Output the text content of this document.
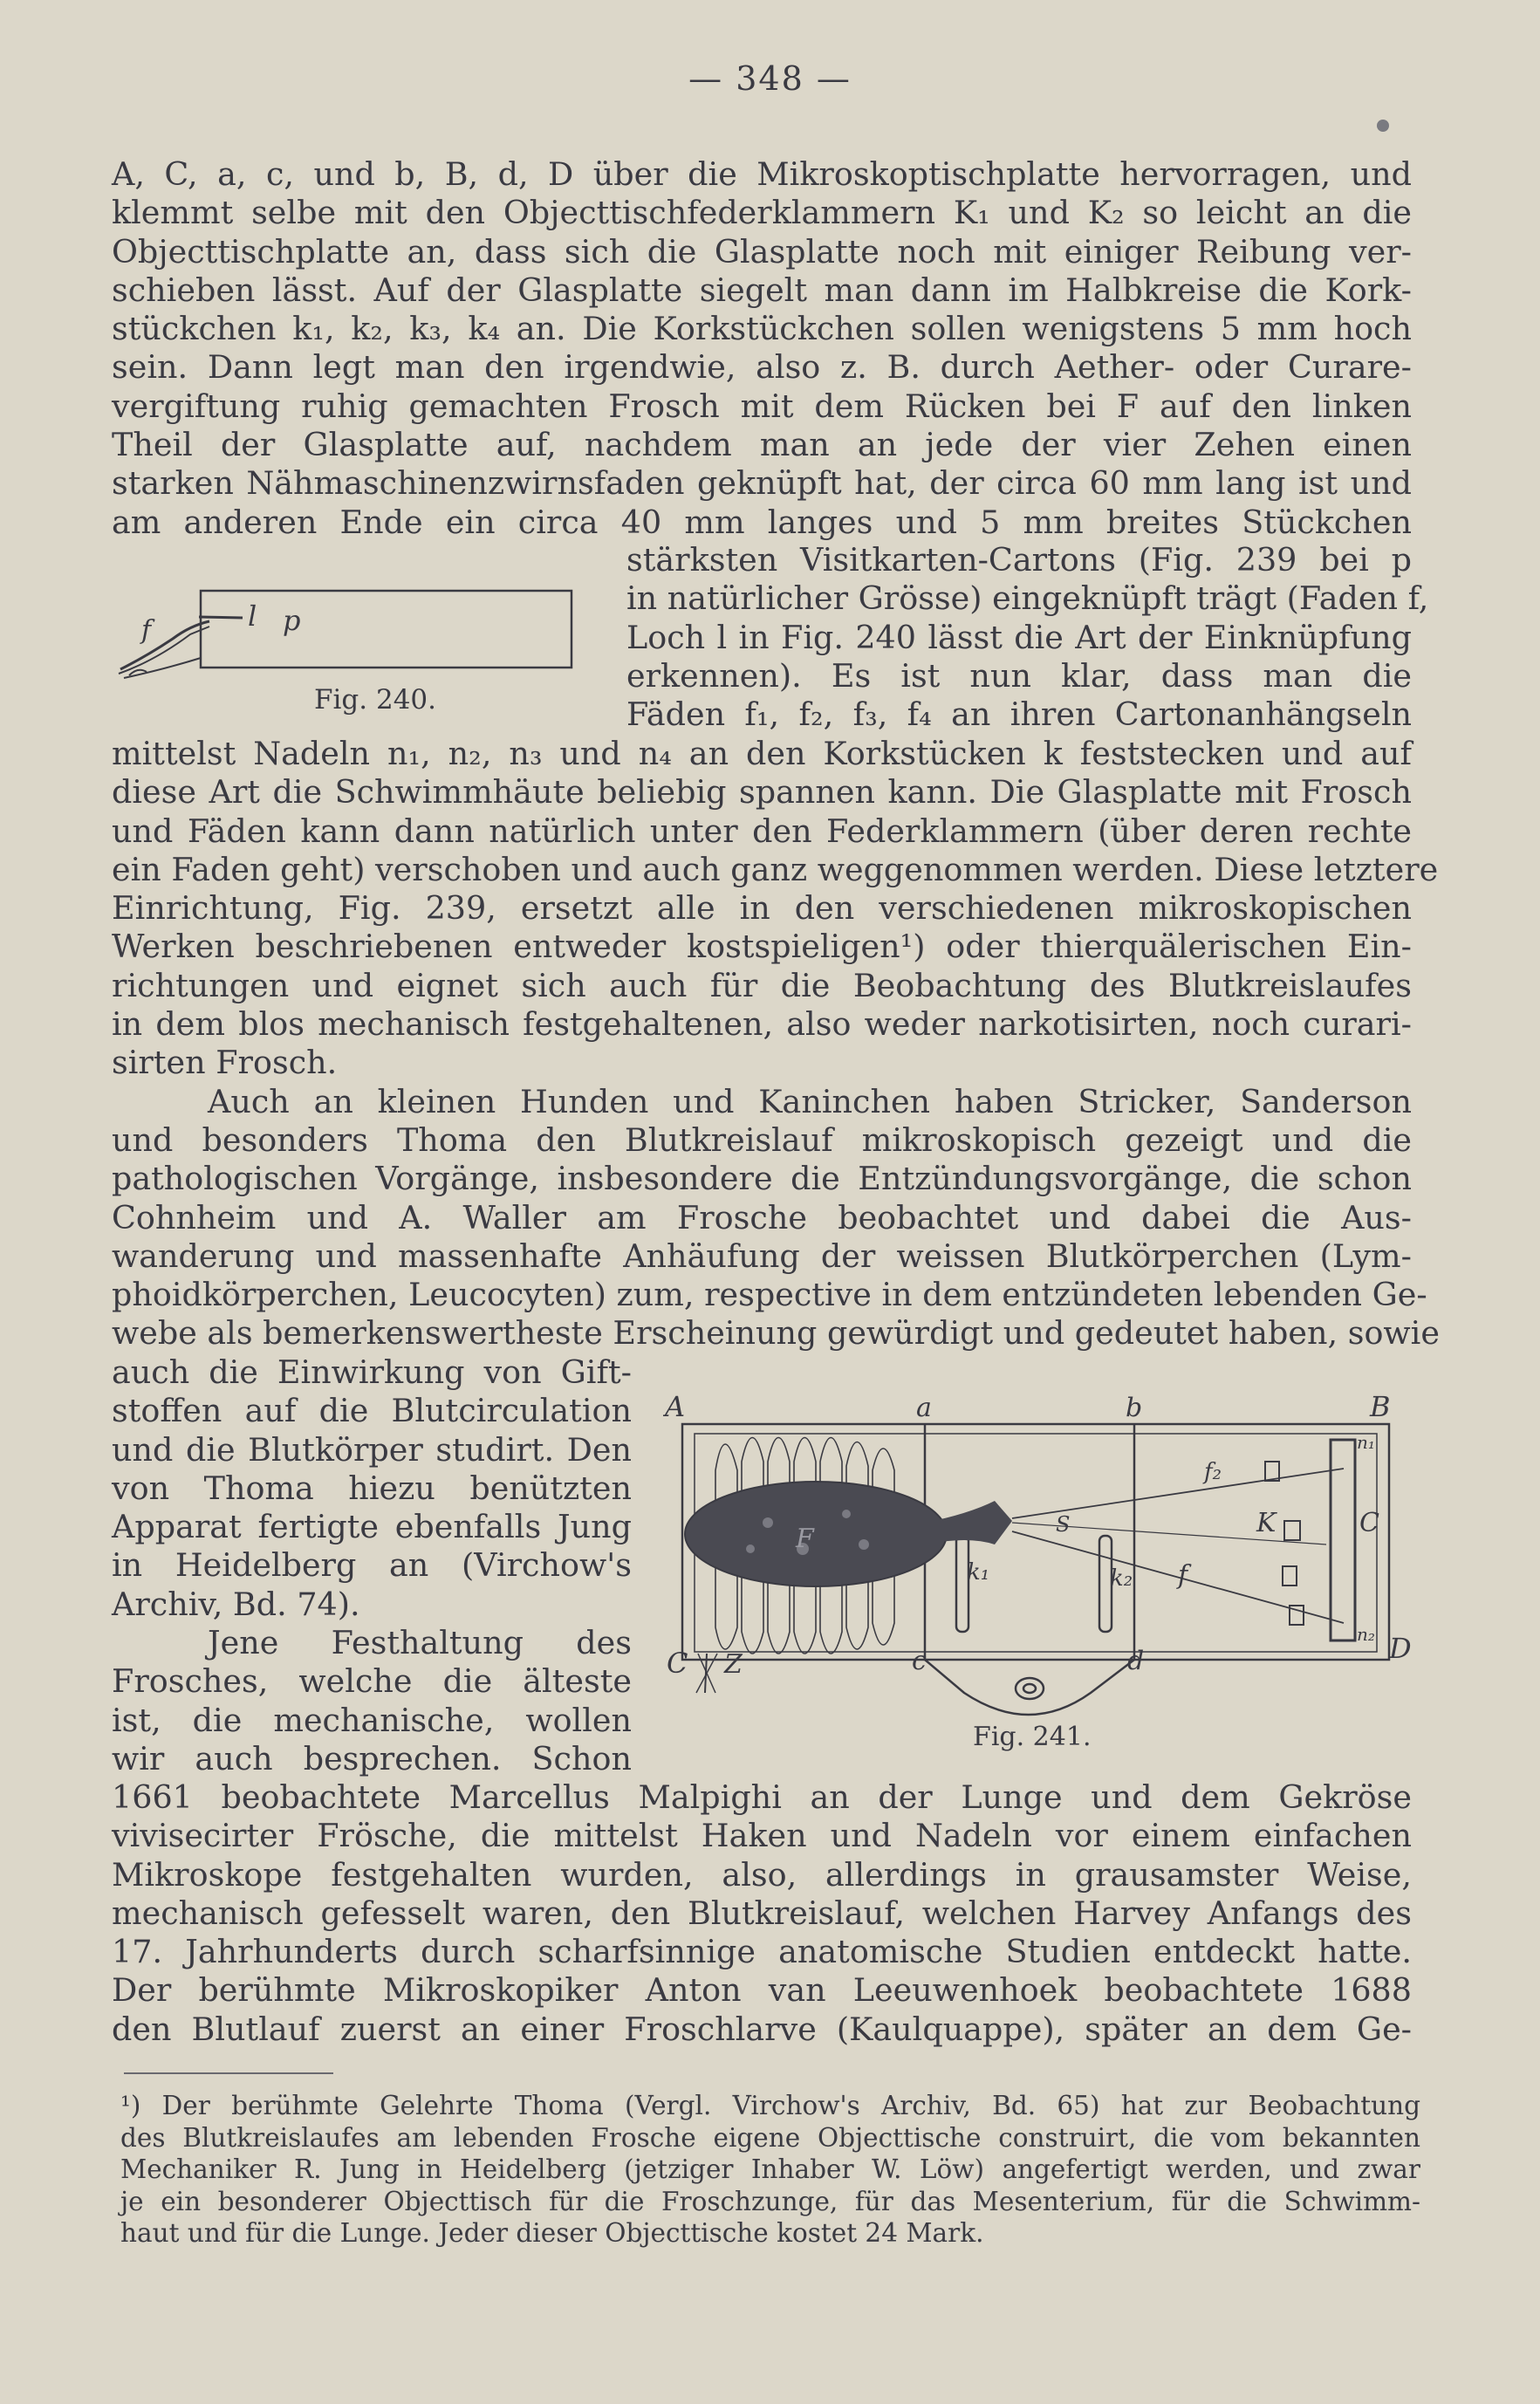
— 348 —
A, C, a, c, und b, B, d, D über die Mikroskoptischplatte hervorragen, und
klemmt selbe mit den Objecttischfederklammern K₁ und K₂ so leicht an die
Objecttischplatte an, dass sich die Glasplatte noch mit einiger Reibung ver-
schieben lässt. Auf der Glasplatte siegelt man dann im Halbkreise die Kork-
stückchen k₁, k₂, k₃, k₄ an. Die Korkstückchen sollen wenigstens 5 mm hoch
sein. Dann legt man den irgendwie, also z. B. durch Aether- oder Curare-
vergiftung ruhig gemachten Frosch mit dem Rücken bei F auf den linken
Theil der Glasplatte auf, nachdem man an jede der vier Zehen einen
starken Nähmaschinenzwirnsfaden geknüpft hat, der circa 60 mm lang ist und
am anderen Ende ein circa 40 mm langes und 5 mm breites Stückchen
f	l p
Fig. 240.
stärksten Visitkarten-Cartons (Fig. 239 bei p
in natürlicher Grösse) eingeknüpft trägt (Faden f,
Loch l in Fig. 240 lässt die Art der Einknüpfung
erkennen). Es ist nun klar, dass man die
Fäden f₁, f₂, f₃, f₄ an ihren Cartonanhängseln
mittelst Nadeln n₁, n₂, n₃ und n₄ an den Korkstücken k feststecken und auf
diese Art die Schwimmhäute beliebig spannen kann. Die Glasplatte mit Frosch
und Fäden kann dann natürlich unter den Federklammern (über deren rechte
ein Faden geht) verschoben und auch ganz weggenommen werden. Diese letztere
Einrichtung, Fig. 239, ersetzt alle in den verschiedenen mikroskopischen
Werken beschriebenen entweder kostspieligen¹) oder thierquälerischen Ein-
richtungen und eignet sich auch für die Beobachtung des Blutkreislaufes
in dem blos mechanisch festgehaltenen, also weder narkotisirten, noch curari-
sirten Frosch.
Auch an kleinen Hunden und Kaninchen haben Stricker, Sanderson
und besonders Thoma den Blutkreislauf mikroskopisch gezeigt und die
pathologischen Vorgänge, insbesondere die Entzündungsvorgänge, die schon
Cohnheim und A. Waller am Frosche beobachtet und dabei die Aus-
wanderung und massenhafte Anhäufung der weissen Blutkörperchen (Lym-
phoidkörperchen, Leucocyten) zum, respective in dem entzündeten lebenden Ge-
webe als bemerkenswertheste Erscheinung gewürdigt und gedeutet haben, sowie
auch die Einwirkung von Gift-
stoffen auf die Blutcirculation
und die Blutkörper studirt. Den
von Thoma hiezu benützten
Apparat fertigte ebenfalls Jung
in Heidelberg an (Virchow's
Archiv, Bd. 74).
Jene Festhaltung des
Frosches, welche die älteste
ist, die mechanische, wollen
wir auch besprechen. Schon
A	a	b	B
C Z	c	d	D
F
k₁	k₂
K	C
f
f₂
n₁
n₂
S
Fig. 241.
1661 beobachtete Marcellus Malpighi an der Lunge und dem Gekröse
vivisecirter Frösche, die mittelst Haken und Nadeln vor einem einfachen
Mikroskope festgehalten wurden, also, allerdings in grausamster Weise,
mechanisch gefesselt waren, den Blutkreislauf, welchen Harvey Anfangs des
17. Jahrhunderts durch scharfsinnige anatomische Studien entdeckt hatte.
Der berühmte Mikroskopiker Anton van Leeuwenhoek beobachtete 1688
den Blutlauf zuerst an einer Froschlarve (Kaulquappe), später an dem Ge-
¹) Der berühmte Gelehrte Thoma (Vergl. Virchow's Archiv, Bd. 65) hat zur Beobachtung
des Blutkreislaufes am lebenden Frosche eigene Objecttische construirt, die vom bekannten
Mechaniker R. Jung in Heidelberg (jetziger Inhaber W. Löw) angefertigt werden, und zwar
je ein besonderer Objecttisch für die Froschzunge, für das Mesenterium, für die Schwimm-
haut und für die Lunge. Jeder dieser Objecttische kostet 24 Mark.
